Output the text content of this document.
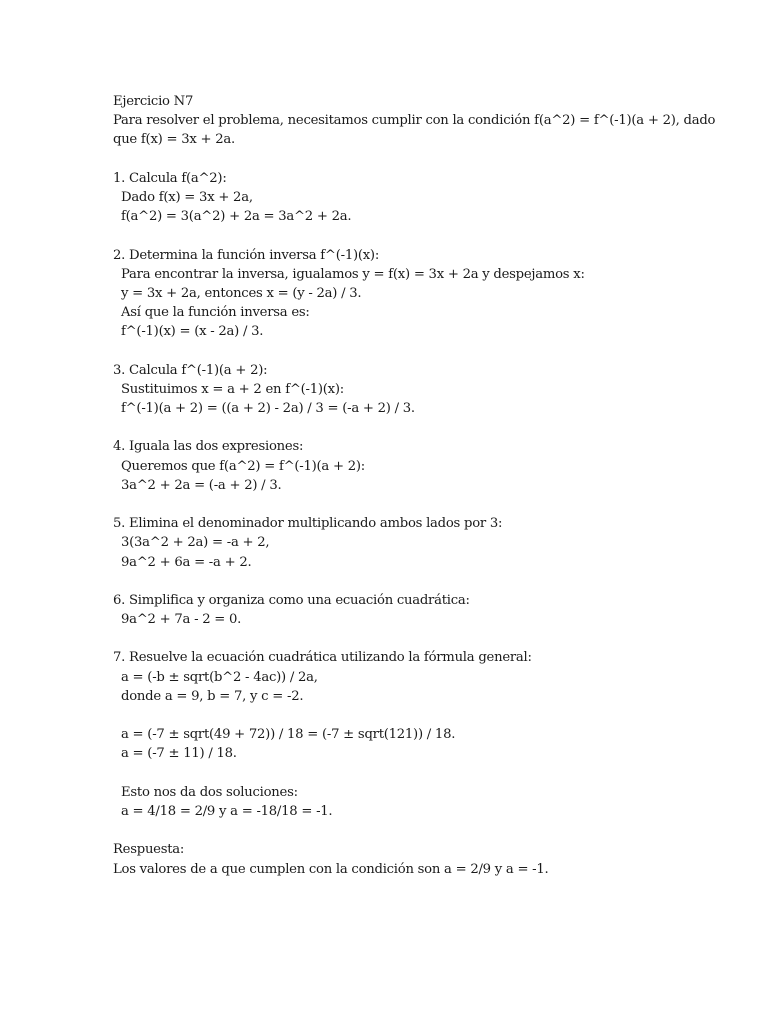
Ejercicio N7
Para resolver el problema, necesitamos cumplir con la condición f(a^2) = f^(-1)(a + 2), dado
que f(x) = 3x + 2a.
1. Calcula f(a^2):
Dado f(x) = 3x + 2a,
f(a^2) = 3(a^2) + 2a = 3a^2 + 2a.
2. Determina la función inversa f^(-1)(x):
Para encontrar la inversa, igualamos y = f(x) = 3x + 2a y despejamos x:
y = 3x + 2a, entonces x = (y - 2a) / 3.
Así que la función inversa es:
f^(-1)(x) = (x - 2a) / 3.
3. Calcula f^(-1)(a + 2):
Sustituimos x = a + 2 en f^(-1)(x):
f^(-1)(a + 2) = ((a + 2) - 2a) / 3 = (-a + 2) / 3.
4. Iguala las dos expresiones:
Queremos que f(a^2) = f^(-1)(a + 2):
3a^2 + 2a = (-a + 2) / 3.
5. Elimina el denominador multiplicando ambos lados por 3:
3(3a^2 + 2a) = -a + 2,
9a^2 + 6a = -a + 2.
6. Simplifica y organiza como una ecuación cuadrática:
9a^2 + 7a - 2 = 0.
7. Resuelve la ecuación cuadrática utilizando la fórmula general:
a = (-b ± sqrt(b^2 - 4ac)) / 2a,
donde a = 9, b = 7, y c = -2.
a = (-7 ± sqrt(49 + 72)) / 18 = (-7 ± sqrt(121)) / 18.
a = (-7 ± 11) / 18.
Esto nos da dos soluciones:
a = 4/18 = 2/9 y a = -18/18 = -1.
Respuesta:
Los valores de a que cumplen con la condición son a = 2/9 y a = -1.
